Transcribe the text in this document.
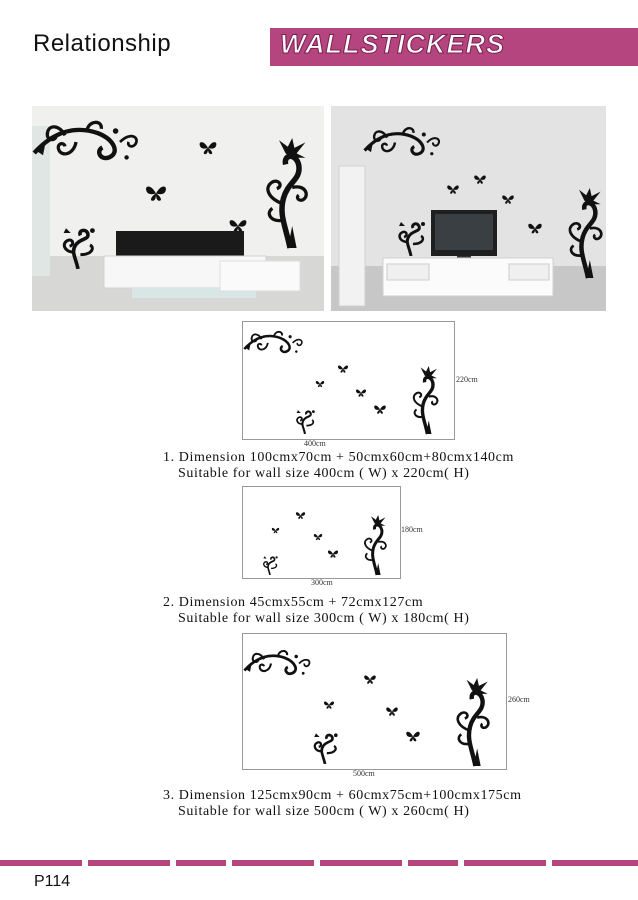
Relationship	WALLSTICKERS
220cm
400cm
1. Dimension 100cmx70cm + 50cmx60cm+80cmx140cm
Suitable for wall size 400cm ( W) x 220cm( H)
180cm
300cm
2. Dimension 45cmx55cm + 72cmx127cm
Suitable for wall size 300cm ( W) x 180cm( H)
260cm
500cm
3. Dimension 125cmx90cm + 60cmx75cm+100cmx175cm
Suitable for wall size 500cm ( W) x 260cm( H)
P114
